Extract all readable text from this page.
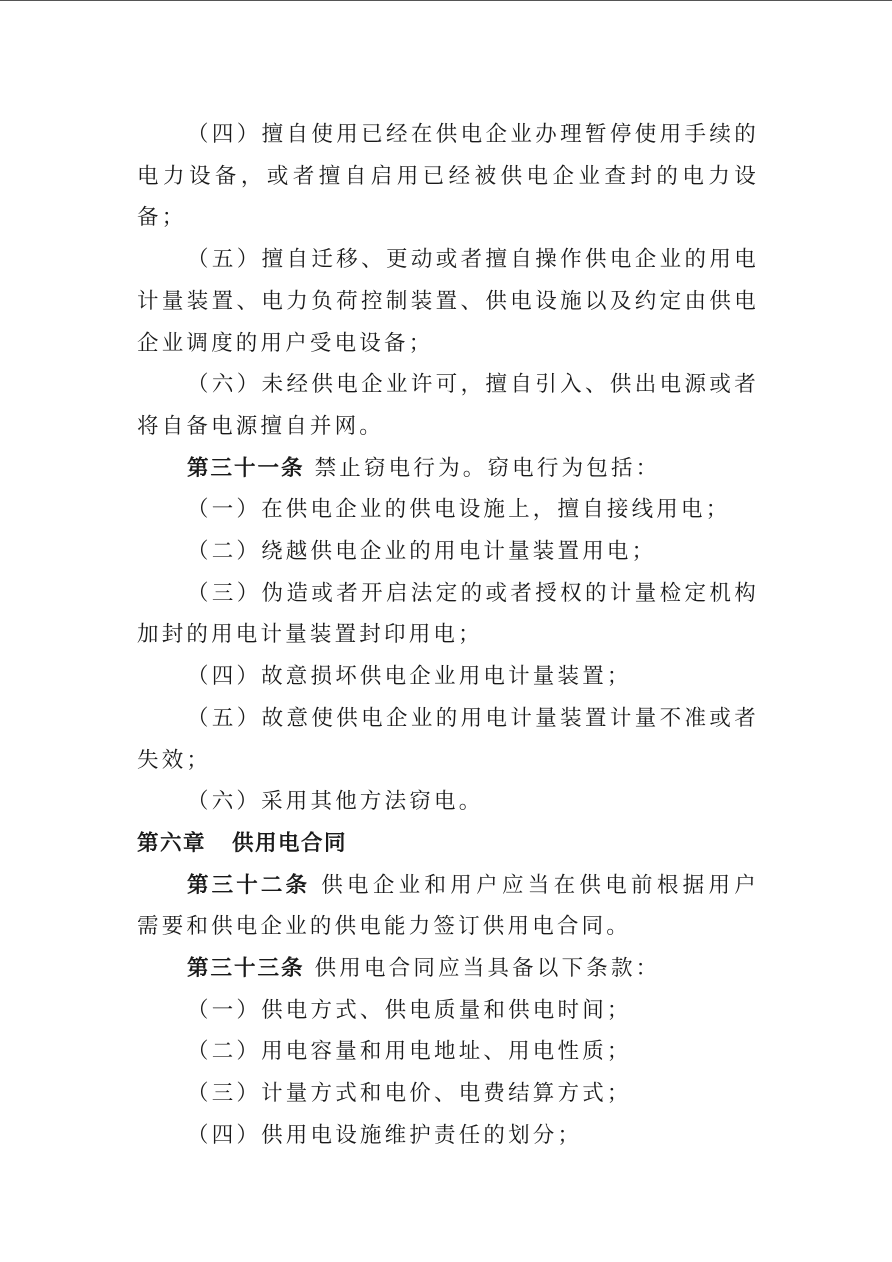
（四）擅自使用已经在供电企业办理暂停使用手续的电力设备，或者擅自启用已经被供电企业查封的电力设备；

（五）擅自迁移、更动或者擅自操作供电企业的用电计量装置、电力负荷控制装置、供电设施以及约定由供电企业调度的用户受电设备；

（六）未经供电企业许可，擅自引入、供出电源或者将自备电源擅自并网。

第三十一条 禁止窃电行为。窃电行为包括：

（一）在供电企业的供电设施上，擅自接线用电；

（二）绕越供电企业的用电计量装置用电；

（三）伪造或者开启法定的或者授权的计量检定机构加封的用电计量装置封印用电；

（四）故意损坏供电企业用电计量装置；

（五）故意使供电企业的用电计量装置计量不准或者失效；

（六）采用其他方法窃电。

第六章 供用电合同

第三十二条 供电企业和用户应当在供电前根据用户需要和供电企业的供电能力签订供用电合同。

第三十三条 供用电合同应当具备以下条款：

（一）供电方式、供电质量和供电时间；

（二）用电容量和用电地址、用电性质；

（三）计量方式和电价、电费结算方式；

（四）供用电设施维护责任的划分；
